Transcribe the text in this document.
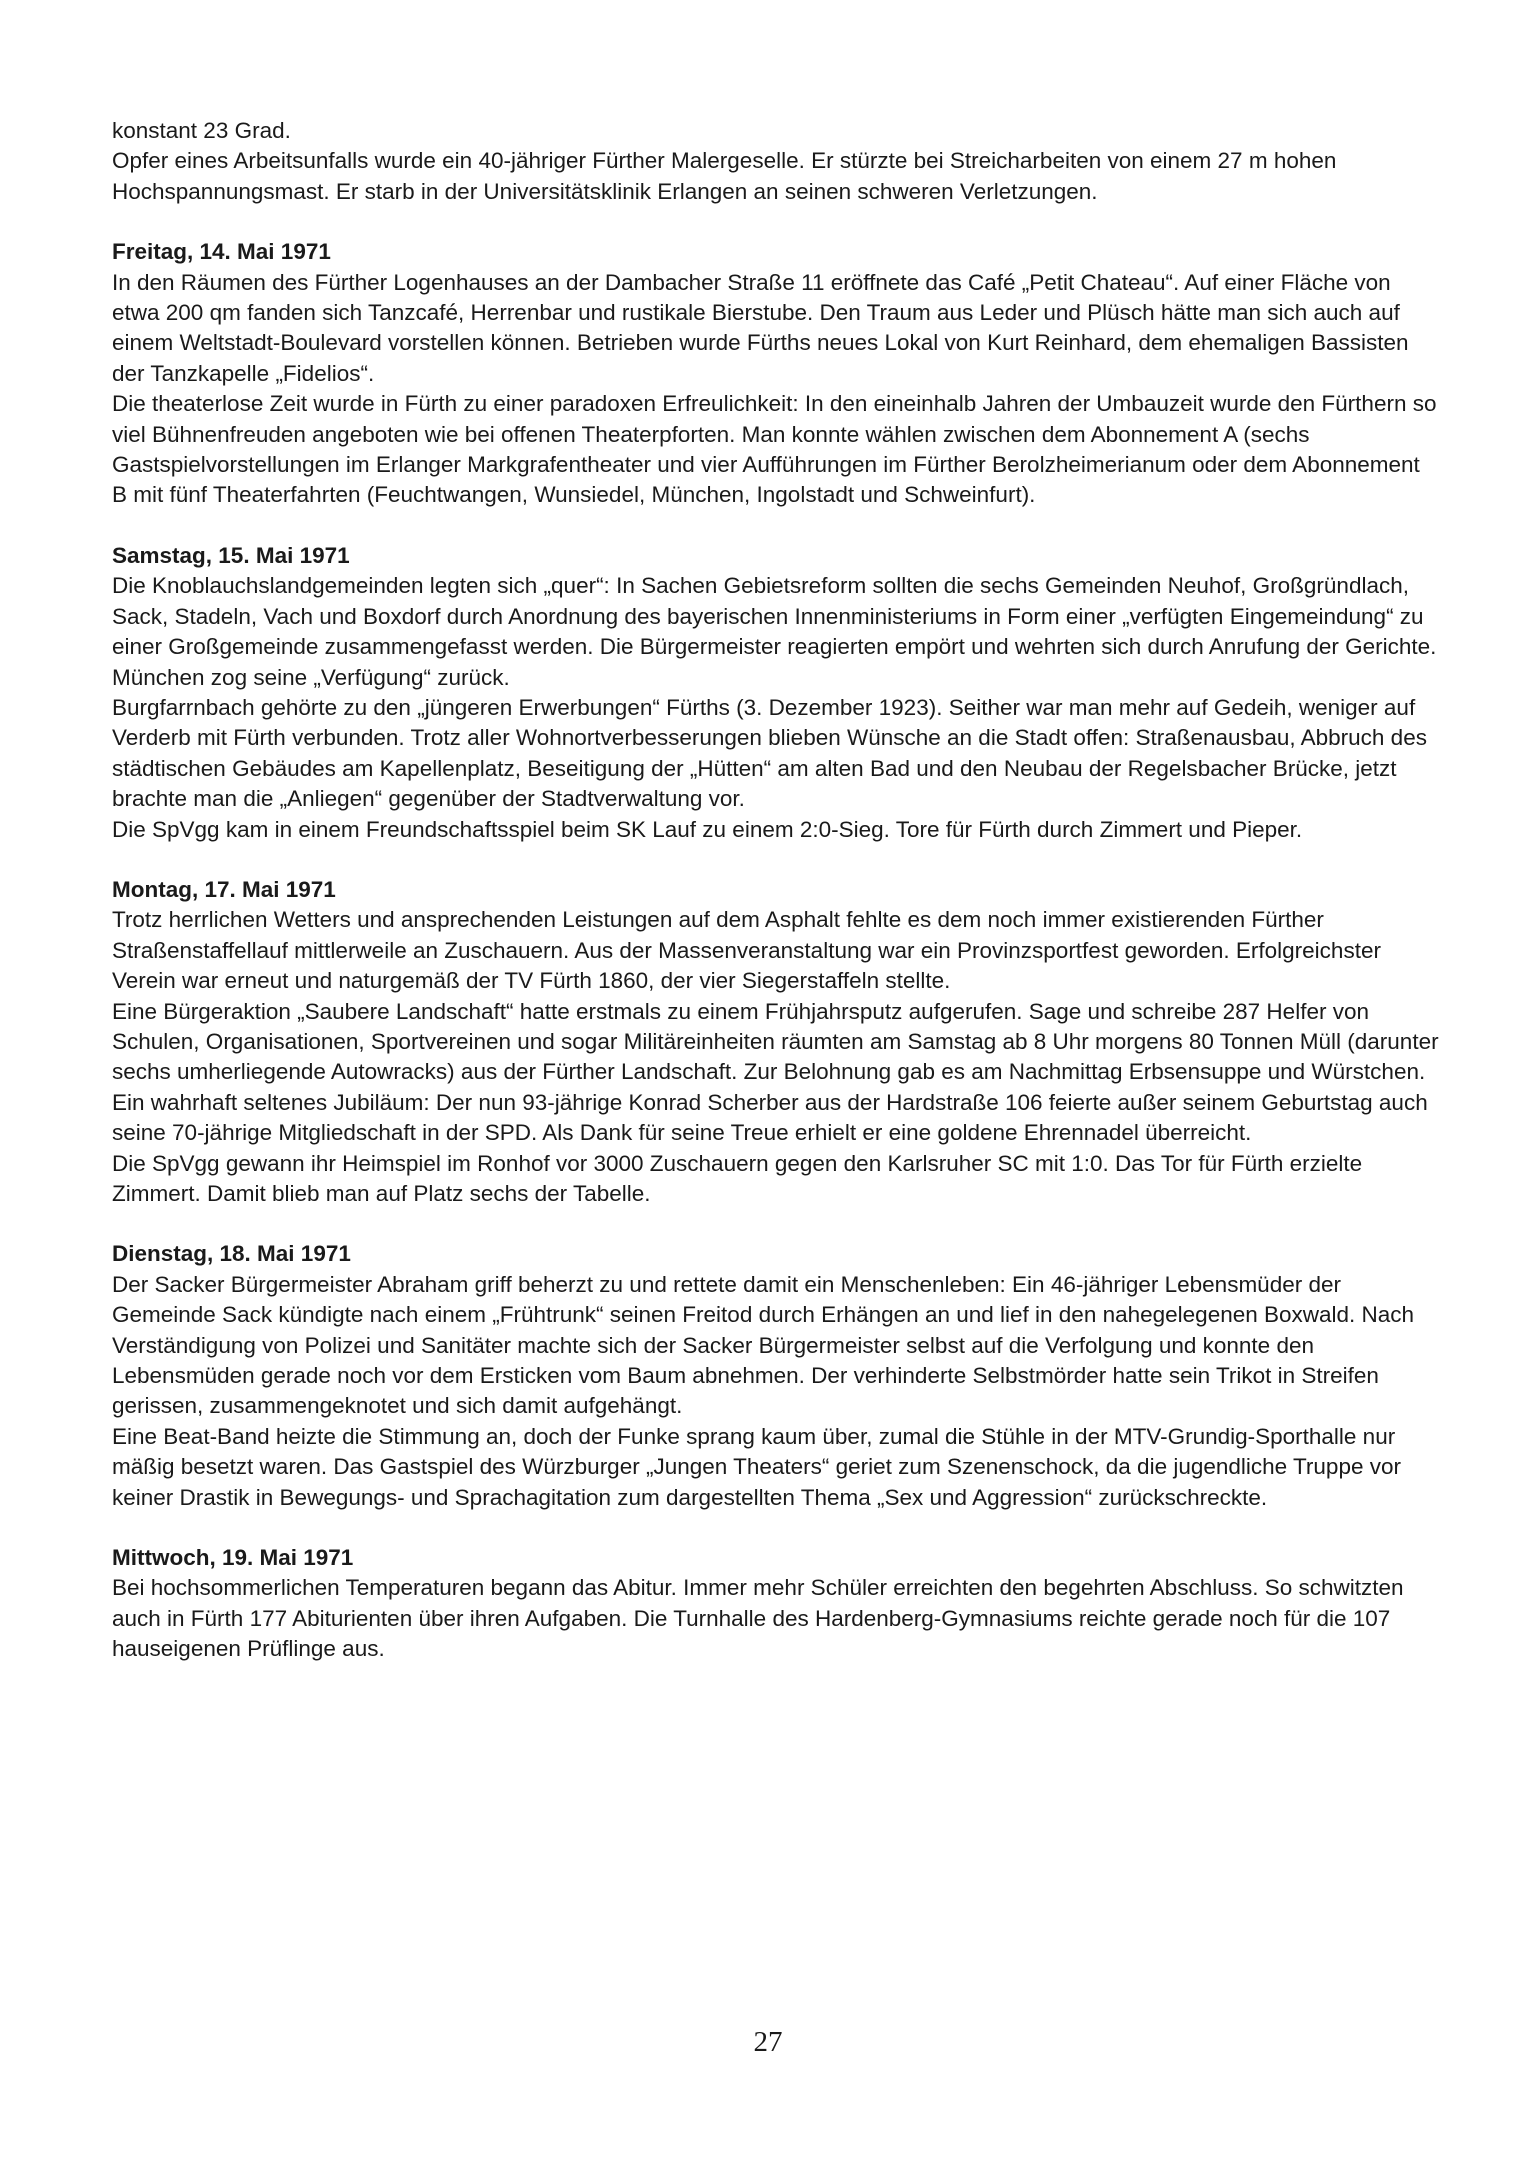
konstant 23 Grad.

Opfer eines Arbeitsunfalls wurde ein 40-jähriger Fürther Malergeselle. Er stürzte bei Streicharbeiten von einem 27 m hohen Hochspannungsmast. Er starb in der Universitätsklinik Erlangen an seinen schweren Verletzungen.

Freitag, 14. Mai 1971

In den Räumen des Fürther Logenhauses an der Dambacher Straße 11 eröffnete das Café „Petit Chateau“. Auf einer Fläche von etwa 200 qm fanden sich Tanzcafé, Herrenbar und rustikale Bierstube. Den Traum aus Leder und Plüsch hätte man sich auch auf einem Weltstadt-Boulevard vorstellen können. Betrieben wurde Fürths neues Lokal von Kurt Reinhard, dem ehemaligen Bassisten der Tanzkapelle „Fidelios“.

Die theaterlose Zeit wurde in Fürth zu einer paradoxen Erfreulichkeit: In den eineinhalb Jahren der Umbauzeit wurde den Fürthern so viel Bühnenfreuden angeboten wie bei offenen Theaterpforten. Man konnte wählen zwischen dem Abonnement A (sechs Gastspielvorstellungen im Erlanger Markgrafentheater und vier Aufführungen im Fürther Berolzheimerianum oder dem Abonnement B mit fünf Theaterfahrten (Feuchtwangen, Wunsiedel, München, Ingolstadt und Schweinfurt).

Samstag, 15. Mai 1971

Die Knoblauchslandgemeinden legten sich „quer“: In Sachen Gebietsreform sollten die sechs Gemeinden Neuhof, Großgründlach, Sack, Stadeln, Vach und Boxdorf durch Anordnung des bayerischen Innenministeriums in Form einer „verfügten Eingemeindung“ zu einer Großgemeinde zusammengefasst werden. Die Bürgermeister reagierten empört und wehrten sich durch Anrufung der Gerichte. München zog seine „Verfügung“ zurück.

Burgfarrnbach gehörte zu den „jüngeren Erwerbungen“ Fürths (3. Dezember 1923). Seither war man mehr auf Gedeih, weniger auf Verderb mit Fürth verbunden. Trotz aller Wohnortverbesserungen blieben Wünsche an die Stadt offen: Straßenausbau, Abbruch des städtischen Gebäudes am Kapellenplatz, Beseitigung der „Hütten“ am alten Bad und den Neubau der Regelsbacher Brücke, jetzt brachte man die „Anliegen“ gegenüber der Stadtverwaltung vor.

Die SpVgg kam in einem Freundschaftsspiel beim SK Lauf zu einem 2:0-Sieg. Tore für Fürth durch Zimmert und Pieper.

Montag, 17. Mai 1971

Trotz herrlichen Wetters und ansprechenden Leistungen auf dem Asphalt fehlte es dem noch immer existierenden Fürther Straßenstaffellauf mittlerweile an Zuschauern. Aus der Massenveranstaltung war ein Provinzsportfest geworden. Erfolgreichster Verein war erneut und naturgemäß der TV Fürth 1860, der vier Siegerstaffeln stellte.

Eine Bürgeraktion „Saubere Landschaft“ hatte erstmals zu einem Frühjahrsputz aufgerufen. Sage und schreibe 287 Helfer von Schulen, Organisationen, Sportvereinen und sogar Militäreinheiten räumten am Samstag ab 8 Uhr morgens 80 Tonnen Müll (darunter sechs umherliegende Autowracks) aus der Fürther Landschaft. Zur Belohnung gab es am Nachmittag Erbsensuppe und Würstchen.

Ein wahrhaft seltenes Jubiläum: Der nun 93-jährige Konrad Scherber aus der Hardstraße 106 feierte außer seinem Geburtstag auch seine 70-jährige Mitgliedschaft in der SPD. Als Dank für seine Treue erhielt er eine goldene Ehrennadel überreicht.

Die SpVgg gewann ihr Heimspiel im Ronhof vor 3000 Zuschauern gegen den Karlsruher SC mit 1:0. Das Tor für Fürth erzielte Zimmert. Damit blieb man auf Platz sechs der Tabelle.

Dienstag, 18. Mai 1971

Der Sacker Bürgermeister Abraham griff beherzt zu und rettete damit ein Menschenleben: Ein 46-jähriger Lebensmüder der Gemeinde Sack kündigte nach einem „Frühtrunk“ seinen Freitod durch Erhängen an und lief in den nahegelegenen Boxwald. Nach Verständigung von Polizei und Sanitäter machte sich der Sacker Bürgermeister selbst auf die Verfolgung und konnte den Lebensmüden gerade noch vor dem Ersticken vom Baum abnehmen. Der verhinderte Selbstmörder hatte sein Trikot in Streifen gerissen, zusammengeknotet und sich damit aufgehängt.

Eine Beat-Band heizte die Stimmung an, doch der Funke sprang kaum über, zumal die Stühle in der MTV-Grundig-Sporthalle nur mäßig besetzt waren. Das Gastspiel des Würzburger „Jungen Theaters“ geriet zum Szenenschock, da die jugendliche Truppe vor keiner Drastik in Bewegungs- und Sprachagitation zum dargestellten Thema „Sex und Aggression“ zurückschreckte.

Mittwoch, 19. Mai 1971

Bei hochsommerlichen Temperaturen begann das Abitur. Immer mehr Schüler erreichten den begehrten Abschluss. So schwitzten auch in Fürth 177 Abiturienten über ihren Aufgaben. Die Turnhalle des Hardenberg-Gymnasiums reichte gerade noch für die 107 hauseigenen Prüflinge aus.

27
